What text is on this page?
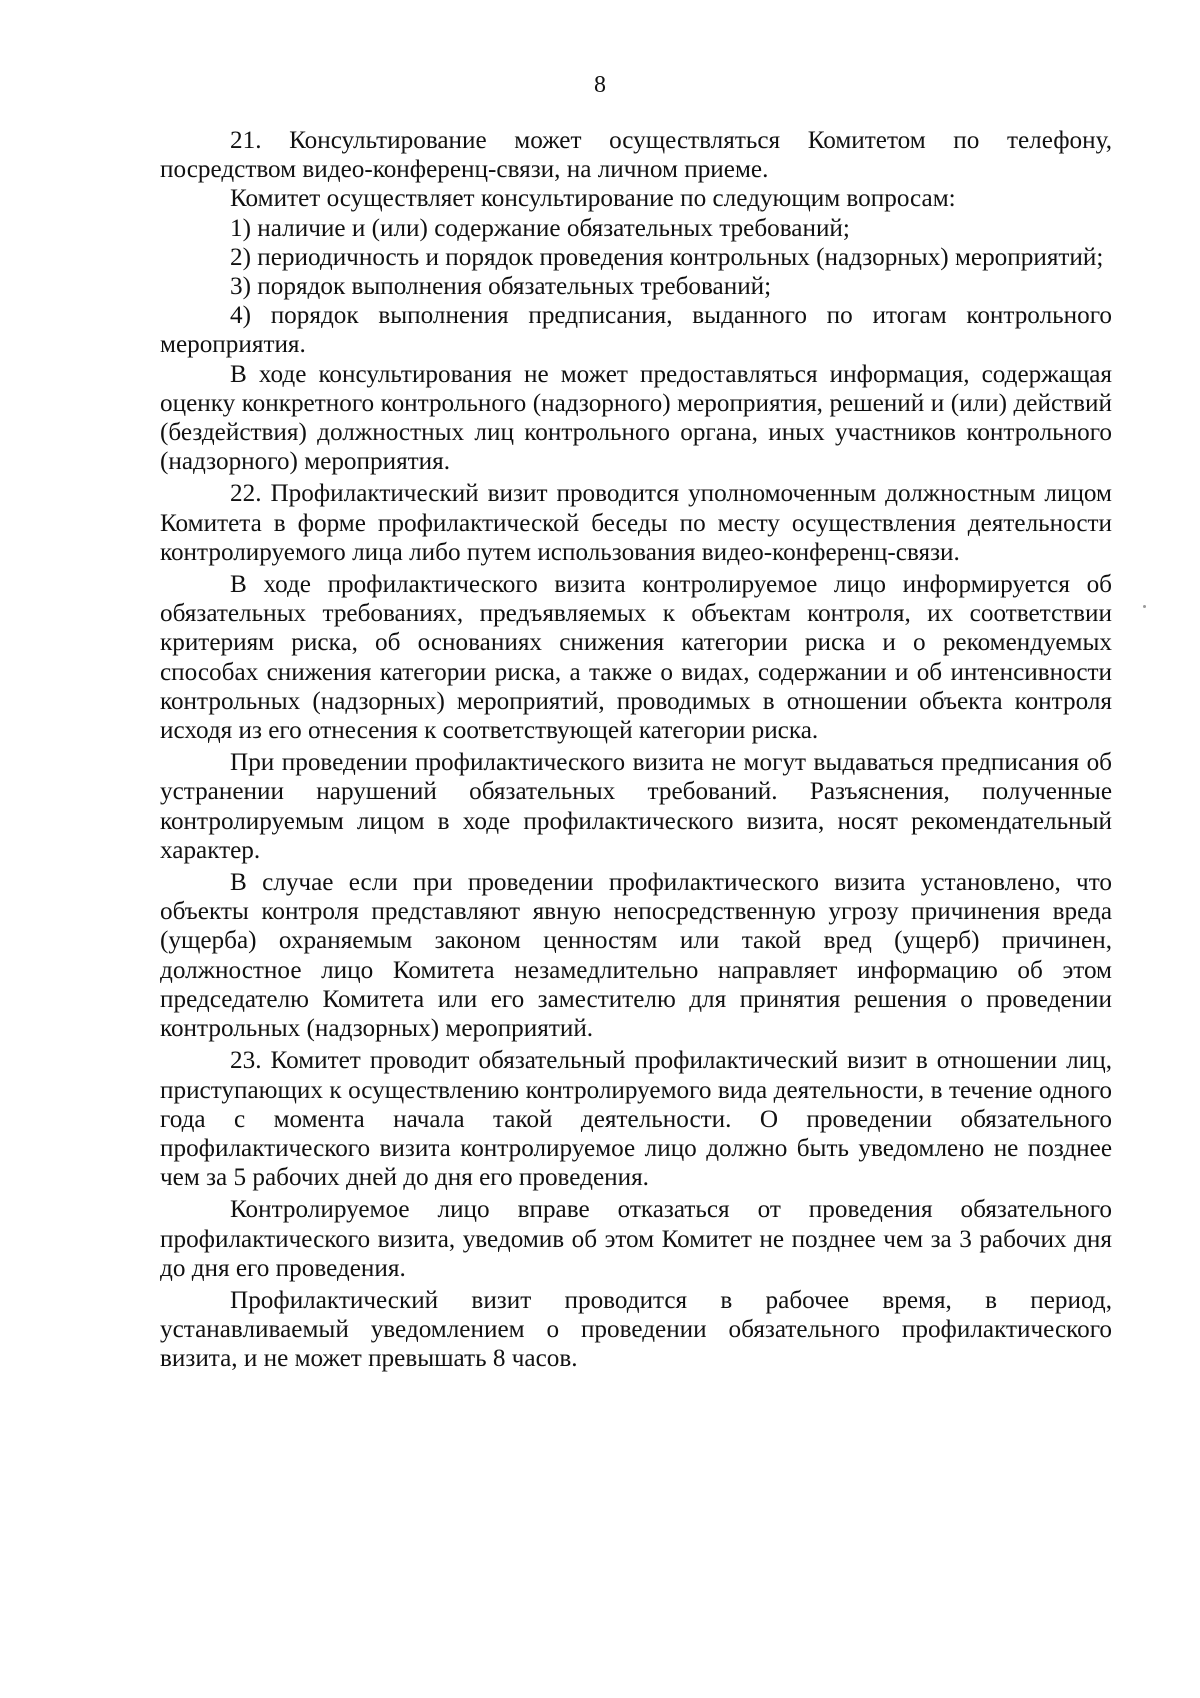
8

21. Консультирование может осуществляться Комитетом по телефону, посредством видео-конференц-связи, на личном приеме.

Комитет осуществляет консультирование по следующим вопросам:

1) наличие и (или) содержание обязательных требований;

2) периодичность и порядок проведения контрольных (надзорных) мероприятий;

3) порядок выполнения обязательных требований;

4) порядок выполнения предписания, выданного по итогам контрольного мероприятия.

В ходе консультирования не может предоставляться информация, содержащая оценку конкретного контрольного (надзорного) мероприятия, решений и (или) действий (бездействия) должностных лиц контрольного органа, иных участников контрольного (надзорного) мероприятия.

22. Профилактический визит проводится уполномоченным должностным лицом Комитета в форме профилактической беседы по месту осуществления деятельности контролируемого лица либо путем использования видео-конференц-связи.

В ходе профилактического визита контролируемое лицо информируется об обязательных требованиях, предъявляемых к объектам контроля, их соответствии критериям риска, об основаниях снижения категории риска и о рекомендуемых способах снижения категории риска, а также о видах, содержании и об интенсивности контрольных (надзорных) мероприятий, проводимых в отношении объекта контроля исходя из его отнесения к соответствующей категории риска.

При проведении профилактического визита не могут выдаваться предписания об устранении нарушений обязательных требований. Разъяснения, полученные контролируемым лицом в ходе профилактического визита, носят рекомендательный характер.

В случае если при проведении профилактического визита установлено, что объекты контроля представляют явную непосредственную угрозу причинения вреда (ущерба) охраняемым законом ценностям или такой вред (ущерб) причинен, должностное лицо Комитета незамедлительно направляет информацию об этом председателю Комитета или его заместителю для принятия решения о проведении контрольных (надзорных) мероприятий.

23. Комитет проводит обязательный профилактический визит в отношении лиц, приступающих к осуществлению контролируемого вида деятельности, в течение одного года с момента начала такой деятельности. О проведении обязательного профилактического визита контролируемое лицо должно быть уведомлено не позднее чем за 5 рабочих дней до дня его проведения.

Контролируемое лицо вправе отказаться от проведения обязательного профилактического визита, уведомив об этом Комитет не позднее чем за 3 рабочих дня до дня его проведения.

Профилактический визит проводится в рабочее время, в период, устанавливаемый уведомлением о проведении обязательного профилактического визита, и не может превышать 8 часов.
